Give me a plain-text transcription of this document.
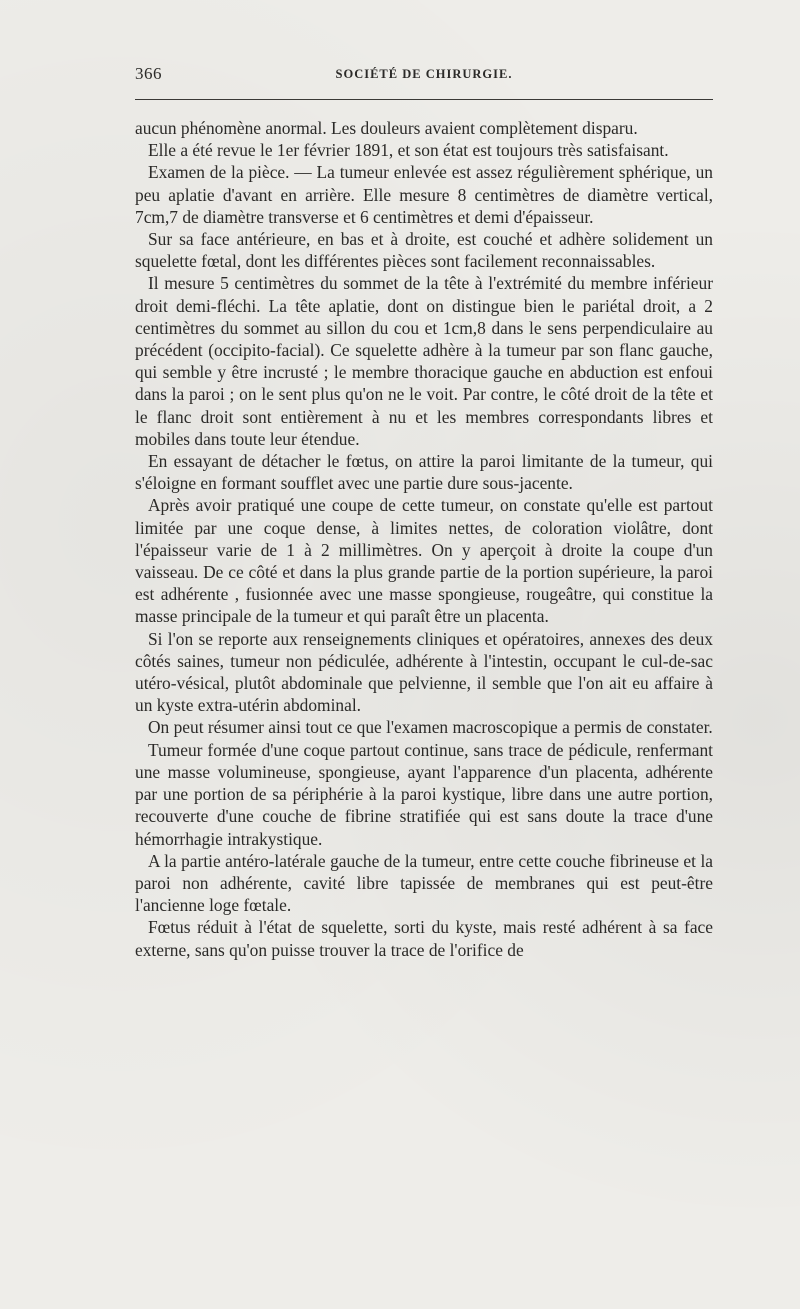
366	SOCIÉTÉ DE CHIRURGIE.

aucun phénomène anormal. Les douleurs avaient complètement disparu.

Elle a été revue le 1er février 1891, et son état est toujours très satisfaisant.

Examen de la pièce. — La tumeur enlevée est assez régulièrement sphérique, un peu aplatie d'avant en arrière. Elle mesure 8 centimètres de diamètre vertical, 7cm,7 de diamètre transverse et 6 centimètres et demi d'épaisseur.

Sur sa face antérieure, en bas et à droite, est couché et adhère solidement un squelette fœtal, dont les différentes pièces sont facilement reconnaissables.

Il mesure 5 centimètres du sommet de la tête à l'extrémité du membre inférieur droit demi-fléchi. La tête aplatie, dont on distingue bien le pariétal droit, a 2 centimètres du sommet au sillon du cou et 1cm,8 dans le sens perpendiculaire au précédent (occipito-facial). Ce squelette adhère à la tumeur par son flanc gauche, qui semble y être incrusté ; le membre thoracique gauche en abduction est enfoui dans la paroi ; on le sent plus qu'on ne le voit. Par contre, le côté droit de la tête et le flanc droit sont entièrement à nu et les membres correspondants libres et mobiles dans toute leur étendue.

En essayant de détacher le fœtus, on attire la paroi limitante de la tumeur, qui s'éloigne en formant soufflet avec une partie dure sous-jacente.

Après avoir pratiqué une coupe de cette tumeur, on constate qu'elle est partout limitée par une coque dense, à limites nettes, de coloration violâtre, dont l'épaisseur varie de 1 à 2 millimètres. On y aperçoit à droite la coupe d'un vaisseau. De ce côté et dans la plus grande partie de la portion supérieure, la paroi est adhérente , fusionnée avec une masse spongieuse, rougeâtre, qui constitue la masse principale de la tumeur et qui paraît être un placenta.

Si l'on se reporte aux renseignements cliniques et opératoires, annexes des deux côtés saines, tumeur non pédiculée, adhérente à l'intestin, occupant le cul-de-sac utéro-vésical, plutôt abdominale que pelvienne, il semble que l'on ait eu affaire à un kyste extra-utérin abdominal.

On peut résumer ainsi tout ce que l'examen macroscopique a permis de constater.

Tumeur formée d'une coque partout continue, sans trace de pédicule, renfermant une masse volumineuse, spongieuse, ayant l'apparence d'un placenta, adhérente par une portion de sa périphérie à la paroi kystique, libre dans une autre portion, recouverte d'une couche de fibrine stratifiée qui est sans doute la trace d'une hémorrhagie intrakystique.

A la partie antéro-latérale gauche de la tumeur, entre cette couche fibrineuse et la paroi non adhérente, cavité libre tapissée de membranes qui est peut-être l'ancienne loge fœtale.

Fœtus réduit à l'état de squelette, sorti du kyste, mais resté adhérent à sa face externe, sans qu'on puisse trouver la trace de l'orifice de
